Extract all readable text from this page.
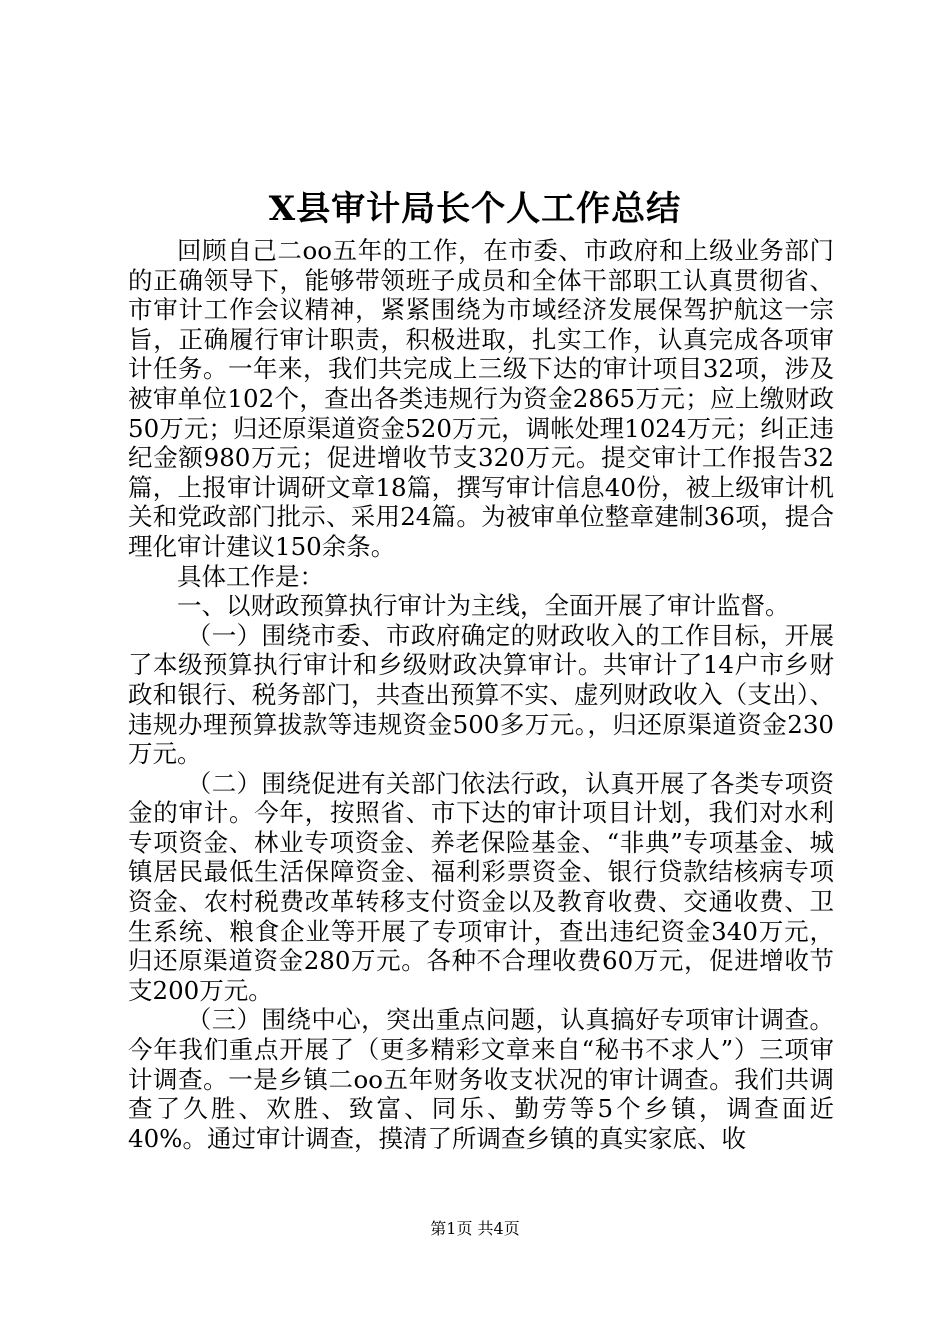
X县审计局长个人工作总结

回顾自己二oo五年的工作，在市委、市政府和上级业务部门的正确领导下，能够带领班子成员和全体干部职工认真贯彻省、市审计工作会议精神，紧紧围绕为市域经济发展保驾护航这一宗旨，正确履行审计职责，积极进取，扎实工作，认真完成各项审计任务。一年来，我们共完成上三级下达的审计项目32项，涉及被审单位102个，查出各类违规行为资金2865万元；应上缴财政50万元；归还原渠道资金520万元，调帐处理1024万元；纠正违纪金额980万元；促进增收节支320万元。提交审计工作报告32篇，上报审计调研文章18篇，撰写审计信息40份，被上级审计机关和党政部门批示、采用24篇。为被审单位整章建制36项，提合理化审计建议150余条。

具体工作是：

一、以财政预算执行审计为主线，全面开展了审计监督。

（一）围绕市委、市政府确定的财政收入的工作目标，开展了本级预算执行审计和乡级财政决算审计。共审计了14户市乡财政和银行、税务部门，共查出预算不实、虚列财政收入（支出）、违规办理预算拔款等违规资金500多万元。，归还原渠道资金230万元。

（二）围绕促进有关部门依法行政，认真开展了各类专项资金的审计。今年，按照省、市下达的审计项目计划，我们对水利专项资金、林业专项资金、养老保险基金、“非典”专项基金、城镇居民最低生活保障资金、福利彩票资金、银行贷款结核病专项资金、农村税费改革转移支付资金以及教育收费、交通收费、卫生系统、粮食企业等开展了专项审计，查出违纪资金340万元，归还原渠道资金280万元。各种不合理收费60万元，促进增收节支200万元。

（三）围绕中心，突出重点问题，认真搞好专项审计调查。今年我们重点开展了（更多精彩文章来自“秘书不求人”）三项审计调查。一是乡镇二oo五年财务收支状况的审计调查。我们共调查了久胜、欢胜、致富、同乐、勤劳等5个乡镇，调查面近40%。通过审计调查，摸清了所调查乡镇的真实家底、收

第1页 共4页
